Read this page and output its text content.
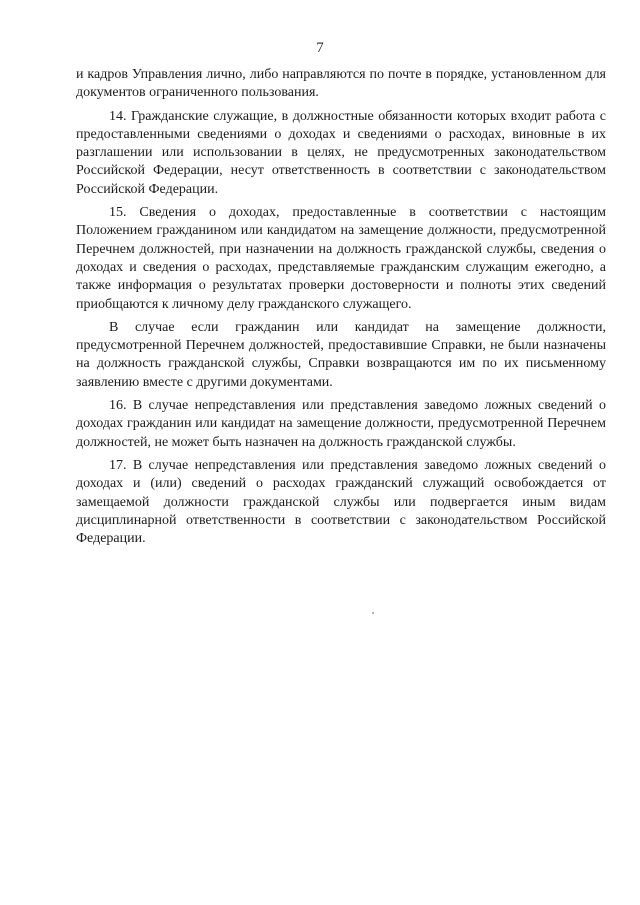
7

и кадров Управления лично, либо направляются по почте в порядке, установленном для документов ограниченного пользования.

14. Гражданские служащие, в должностные обязанности которых входит работа с предоставленными сведениями о доходах и сведениями о расходах, виновные в их разглашении или использовании в целях, не предусмотренных законодательством Российской Федерации, несут ответственность в соответствии с законодательством Российской Федерации.

15. Сведения о доходах, предоставленные в соответствии с настоящим Положением гражданином или кандидатом на замещение должности, предусмотренной Перечнем должностей, при назначении на должность гражданской службы, сведения о доходах и сведения о расходах, представляемые гражданским служащим ежегодно, а также информация о результатах проверки достоверности и полноты этих сведений приобщаются к личному делу гражданского служащего.

В случае если гражданин или кандидат на замещение должности, предусмотренной Перечнем должностей, предоставившие Справки, не были назначены на должность гражданской службы, Справки возвращаются им по их письменному заявлению вместе с другими документами.

16. В случае непредставления или представления заведомо ложных сведений о доходах гражданин или кандидат на замещение должности, предусмотренной Перечнем должностей, не может быть назначен на должность гражданской службы.

17. В случае непредставления или представления заведомо ложных сведений о доходах и (или) сведений о расходах гражданский служащий освобождается от замещаемой должности гражданской службы или подвергается иным видам дисциплинарной ответственности в соответствии с законодательством Российской Федерации.
